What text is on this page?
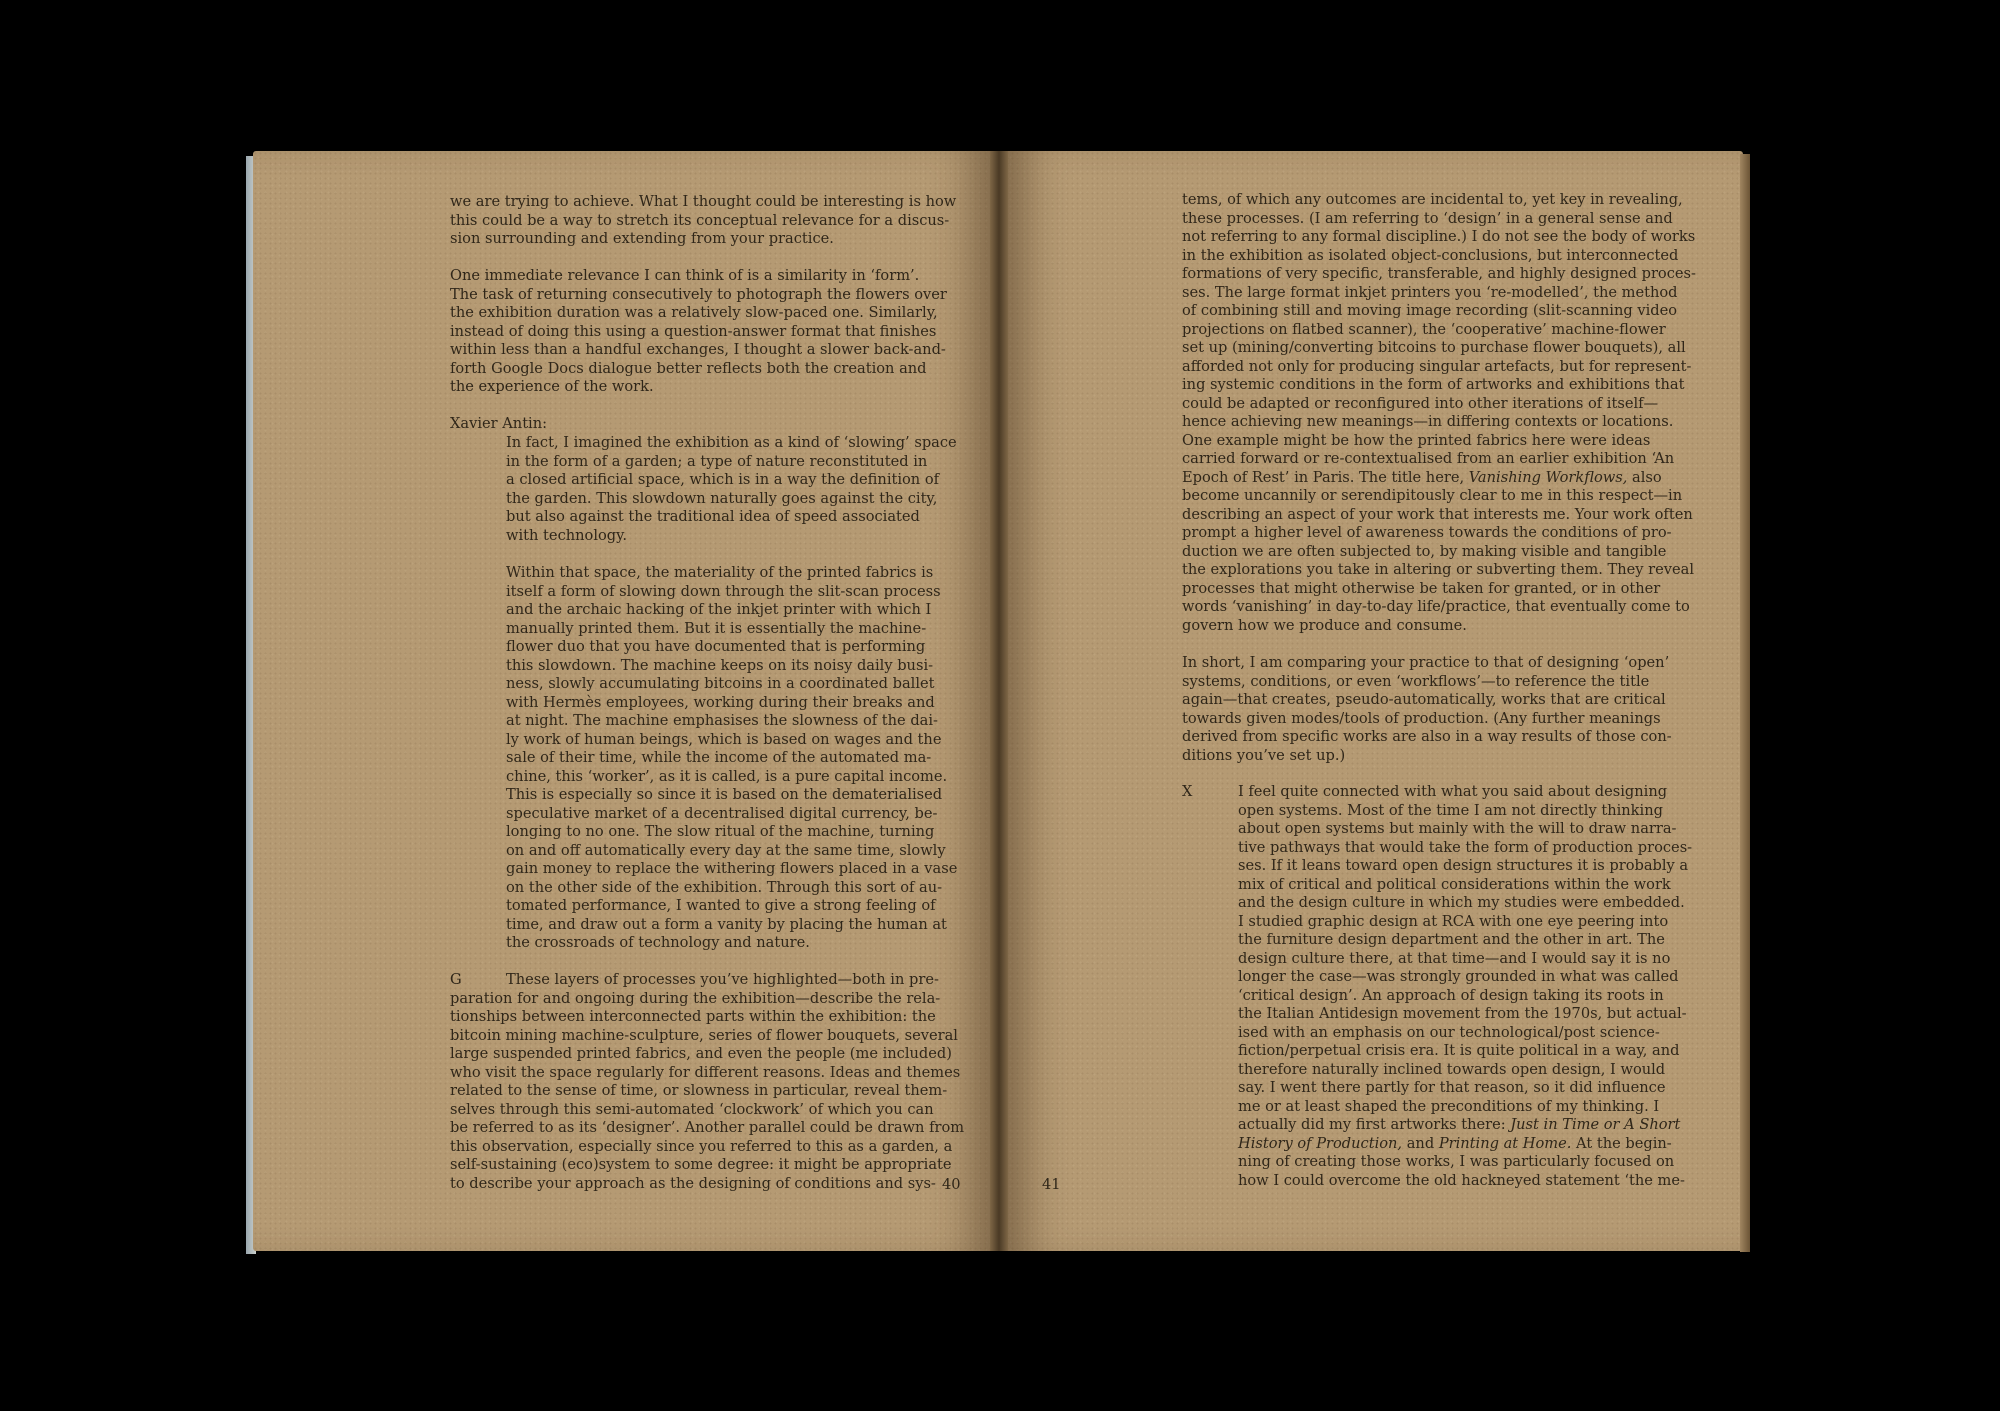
we are trying to achieve. What I thought could be interesting is how
this could be a way to stretch its conceptual relevance for a discus-
sion surrounding and extending from your practice.
One immediate relevance I can think of is a similarity in ‘form’.
The task of returning consecutively to photograph the flowers over
the exhibition duration was a relatively slow-paced one. Similarly,
instead of doing this using a question-answer format that finishes
within less than a handful exchanges, I thought a slower back-and-
forth Google Docs dialogue better reflects both the creation and
the experience of the work.
Xavier Antin:
In fact, I imagined the exhibition as a kind of ‘slowing’ space
in the form of a garden; a type of nature reconstituted in
a closed artificial space, which is in a way the definition of
the garden. This slowdown naturally goes against the city,
but also against the traditional idea of speed associated
with technology.
Within that space, the materiality of the printed fabrics is
itself a form of slowing down through the slit-scan process
and the archaic hacking of the inkjet printer with which I
manually printed them. But it is essentially the machine-
flower duo that you have documented that is performing
this slowdown. The machine keeps on its noisy daily busi-
ness, slowly accumulating bitcoins in a coordinated ballet
with Hermès employees, working during their breaks and
at night. The machine emphasises the slowness of the dai-
ly work of human beings, which is based on wages and the
sale of their time, while the income of the automated ma-
chine, this ‘worker’, as it is called, is a pure capital income.
This is especially so since it is based on the dematerialised
speculative market of a decentralised digital currency, be-
longing to no one. The slow ritual of the machine, turning
on and off automatically every day at the same time, slowly
gain money to replace the withering flowers placed in a vase
on the other side of the exhibition. Through this sort of au-
tomated performance, I wanted to give a strong feeling of
time, and draw out a form a vanity by placing the human at
the crossroads of technology and nature.
G	These layers of processes you’ve highlighted—both in pre-
paration for and ongoing during the exhibition—describe the rela-
tionships between interconnected parts within the exhibition: the
bitcoin mining machine-sculpture, series of flower bouquets, several
large suspended printed fabrics, and even the people (me included)
who visit the space regularly for different reasons. Ideas and themes
related to the sense of time, or slowness in particular, reveal them-
selves through this semi-automated ‘clockwork’ of which you can
be referred to as its ‘designer’. Another parallel could be drawn from
this observation, especially since you referred to this as a garden, a
self-sustaining (eco)system to some degree: it might be appropriate
to describe your approach as the designing of conditions and sys- 40
tems, of which any outcomes are incidental to, yet key in revealing,
these processes. (I am referring to ‘design’ in a general sense and
not referring to any formal discipline.) I do not see the body of works
in the exhibition as isolated object-conclusions, but interconnected
formations of very specific, transferable, and highly designed proces-
ses. The large format inkjet printers you ‘re-modelled’, the method
of combining still and moving image recording (slit-scanning video
projections on flatbed scanner), the ‘cooperative’ machine-flower
set up (mining/converting bitcoins to purchase flower bouquets), all
afforded not only for producing singular artefacts, but for represent-
ing systemic conditions in the form of artworks and exhibitions that
could be adapted or reconfigured into other iterations of itself—
hence achieving new meanings—in differing contexts or locations.
One example might be how the printed fabrics here were ideas
carried forward or re-contextualised from an earlier exhibition ‘An
Epoch of Rest’ in Paris. The title here, Vanishing Workflows, also
become uncannily or serendipitously clear to me in this respect—in
describing an aspect of your work that interests me. Your work often
prompt a higher level of awareness towards the conditions of pro-
duction we are often subjected to, by making visible and tangible
the explorations you take in altering or subverting them. They reveal
processes that might otherwise be taken for granted, or in other
words ‘vanishing’ in day-to-day life/practice, that eventually come to
govern how we produce and consume.
In short, I am comparing your practice to that of designing ‘open’
systems, conditions, or even ‘workflows’—to reference the title
again—that creates, pseudo-automatically, works that are critical
towards given modes/tools of production. (Any further meanings
derived from specific works are also in a way results of those con-
ditions you’ve set up.)
X	I feel quite connected with what you said about designing
open systems. Most of the time I am not directly thinking
about open systems but mainly with the will to draw narra-
tive pathways that would take the form of production proces-
ses. If it leans toward open design structures it is probably a
mix of critical and political considerations within the work
and the design culture in which my studies were embedded.
I studied graphic design at RCA with one eye peering into
the furniture design department and the other in art. The
design culture there, at that time—and I would say it is no
longer the case—was strongly grounded in what was called
‘critical design’. An approach of design taking its roots in
the Italian Antidesign movement from the 1970s, but actual-
ised with an emphasis on our technological/post science-
fiction/perpetual crisis era. It is quite political in a way, and
therefore naturally inclined towards open design, I would
say. I went there partly for that reason, so it did influence
me or at least shaped the preconditions of my thinking. I
actually did my first artworks there: Just in Time or A Short
History of Production, and Printing at Home. At the begin-
ning of creating those works, I was particularly focused on
how I could overcome the old hackneyed statement ‘the me-
41
